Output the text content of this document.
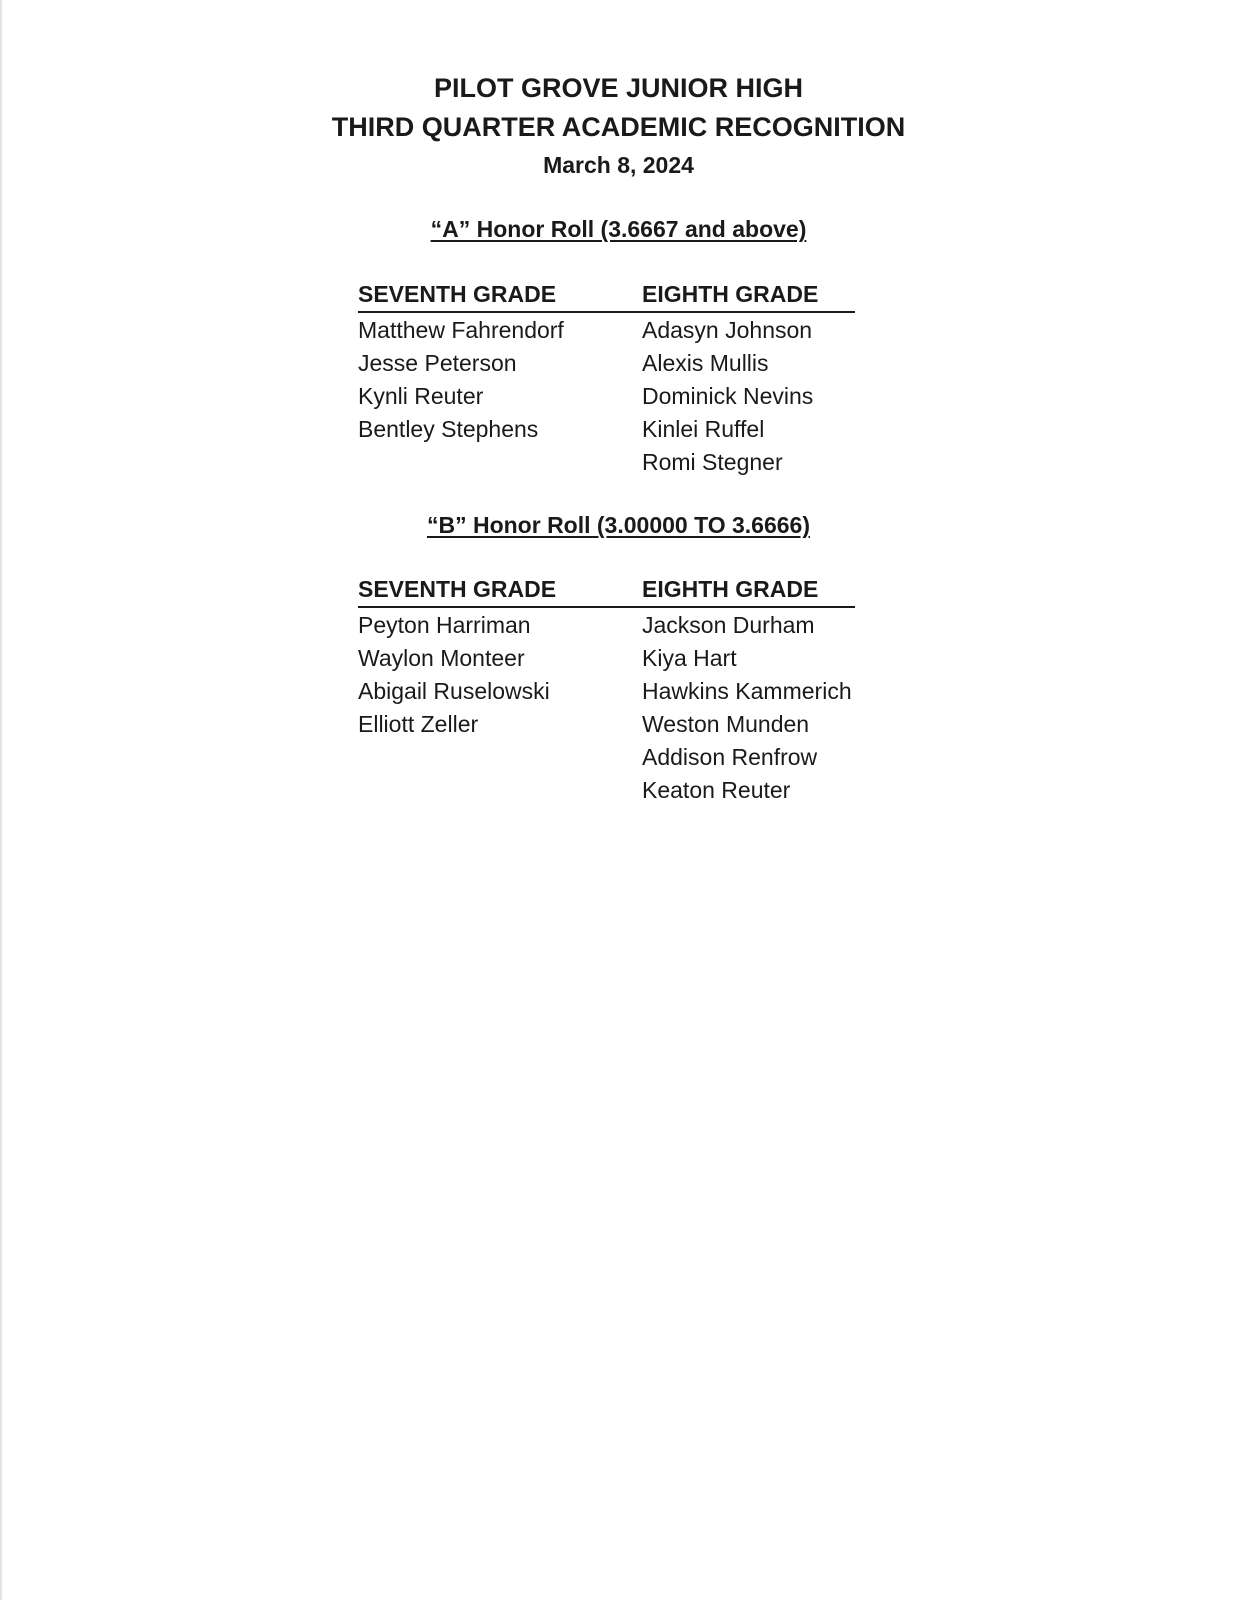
PILOT GROVE JUNIOR HIGH
THIRD QUARTER ACADEMIC RECOGNITION
March 8, 2024
“A” Honor Roll (3.6667 and above)
SEVENTH GRADE	EIGHTH GRADE
Matthew Fahrendorf
Jesse Peterson
Kynli Reuter
Bentley Stephens
Adasyn Johnson
Alexis Mullis
Dominick Nevins
Kinlei Ruffel
Romi Stegner
“B” Honor Roll (3.00000 TO 3.6666)
SEVENTH GRADE	EIGHTH GRADE
Peyton Harriman
Waylon Monteer
Abigail Ruselowski
Elliott Zeller
Jackson Durham
Kiya Hart
Hawkins Kammerich
Weston Munden
Addison Renfrow
Keaton Reuter
